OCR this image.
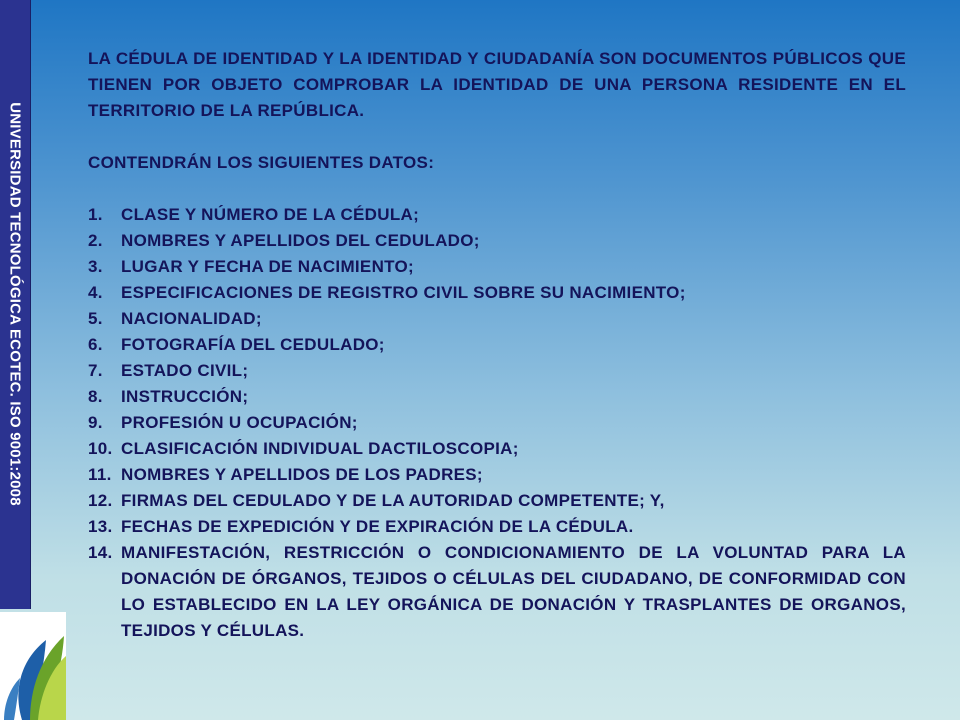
UNIVERSIDAD TECNOLÓGICA ECOTEC. ISO 9001:2008

LA CÉDULA DE IDENTIDAD Y LA IDENTIDAD Y CIUDADANÍA SON DOCUMENTOS PÚBLICOS QUE TIENEN POR OBJETO COMPROBAR LA IDENTIDAD DE UNA PERSONA RESIDENTE EN EL TERRITORIO DE LA REPÚBLICA.

CONTENDRÁN LOS SIGUIENTES DATOS:

1.	CLASE Y NÚMERO DE LA CÉDULA;
2.	NOMBRES Y APELLIDOS DEL CEDULADO;
3.	LUGAR Y FECHA DE NACIMIENTO;
4.	ESPECIFICACIONES DE REGISTRO CIVIL SOBRE SU NACIMIENTO;
5.	NACIONALIDAD;
6.	FOTOGRAFÍA DEL CEDULADO;
7.	ESTADO CIVIL;
8.	INSTRUCCIÓN;
9.	PROFESIÓN U OCUPACIÓN;
10. CLASIFICACIÓN INDIVIDUAL DACTILOSCOPIA;
11. NOMBRES Y APELLIDOS DE LOS PADRES;
12. FIRMAS DEL CEDULADO Y DE LA AUTORIDAD COMPETENTE; Y,
13. FECHAS DE EXPEDICIÓN Y DE EXPIRACIÓN DE LA CÉDULA.
14. MANIFESTACIÓN, RESTRICCIÓN O CONDICIONAMIENTO DE LA VOLUNTAD PARA LA DONACIÓN DE ÓRGANOS, TEJIDOS O CÉLULAS DEL CIUDADANO, DE CONFORMIDAD CON LO ESTABLECIDO EN LA LEY ORGÁNICA DE DONACIÓN Y TRASPLANTES DE ORGANOS, TEJIDOS Y CÉLULAS.
